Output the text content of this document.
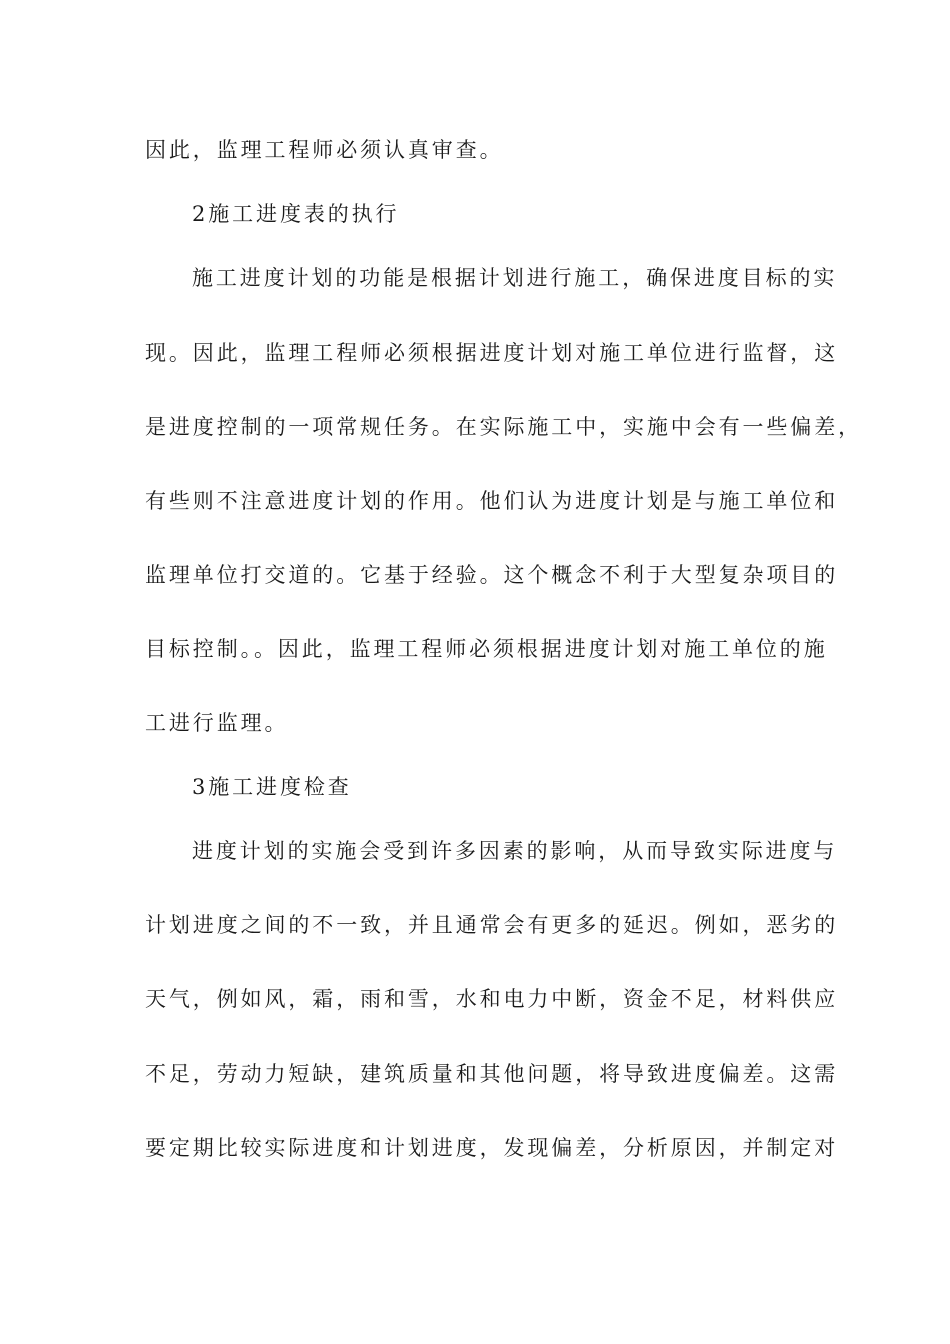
因此，监理工程师必须认真审查。
2施工进度表的执行
施工进度计划的功能是根据计划进行施工，确保进度目标的实
现。因此，监理工程师必须根据进度计划对施工单位进行监督，这
是进度控制的一项常规任务。在实际施工中，实施中会有一些偏差，
有些则不注意进度计划的作用。他们认为进度计划是与施工单位和
监理单位打交道的。它基于经验。这个概念不利于大型复杂项目的
目标控制。。因此，监理工程师必须根据进度计划对施工单位的施
工进行监理。
3施工进度检查
进度计划的实施会受到许多因素的影响，从而导致实际进度与
计划进度之间的不一致，并且通常会有更多的延迟。例如，恶劣的
天气，例如风，霜，雨和雪，水和电力中断，资金不足，材料供应
不足，劳动力短缺，建筑质量和其他问题，将导致进度偏差。这需
要定期比较实际进度和计划进度，发现偏差，分析原因，并制定对
